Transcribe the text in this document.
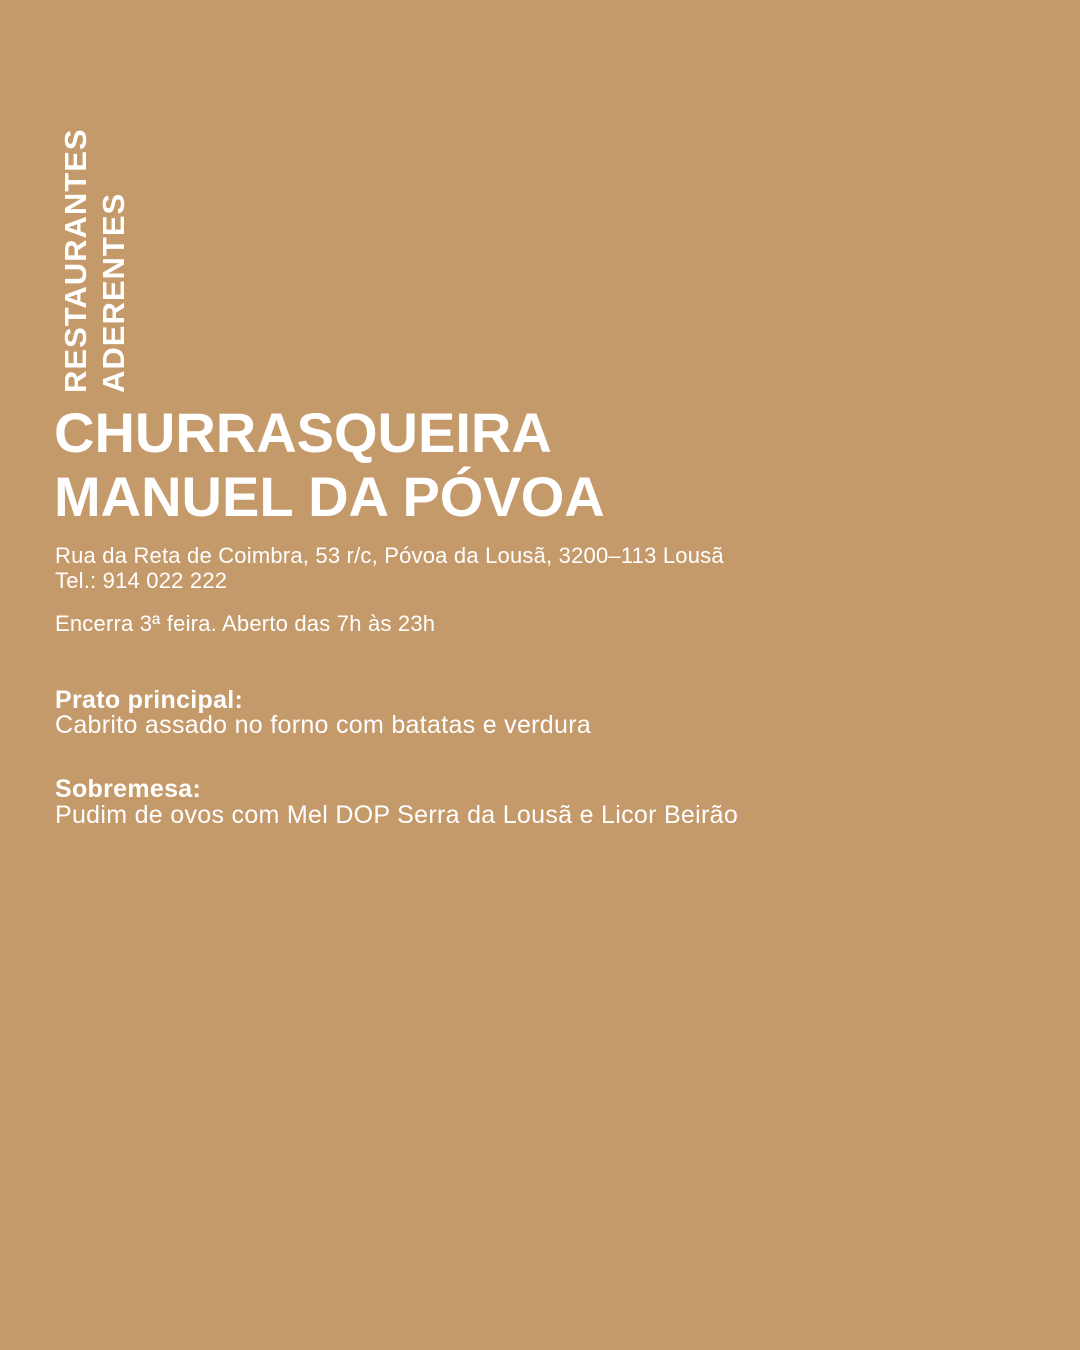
RESTAURANTES ADERENTES
CHURRASQUEIRA
MANUEL DA PÓVOA
Rua da Reta de Coimbra, 53 r/c, Póvoa da Lousã, 3200–113 Lousã
Tel.: 914 022 222
Encerra 3ª feira. Aberto das 7h às 23h
Prato principal:
Cabrito assado no forno com batatas e verdura
Sobremesa:
Pudim de ovos com Mel DOP Serra da Lousã e Licor Beirão
